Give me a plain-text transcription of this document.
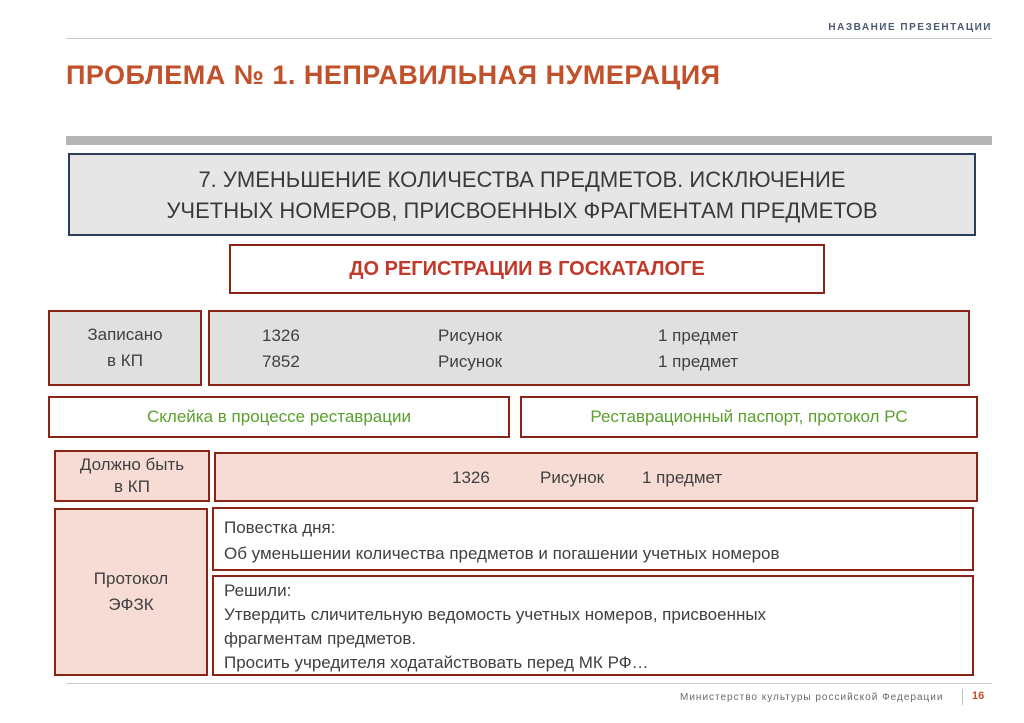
НАЗВАНИЕ ПРЕЗЕНТАЦИИ
ПРОБЛЕМА № 1. НЕПРАВИЛЬНАЯ НУМЕРАЦИЯ
7. УМЕНЬШЕНИЕ КОЛИЧЕСТВА ПРЕДМЕТОВ. ИСКЛЮЧЕНИЕ
УЧЕТНЫХ НОМЕРОВ, ПРИСВОЕННЫХ ФРАГМЕНТАМ ПРЕДМЕТОВ
ДО РЕГИСТРАЦИИ В ГОСКАТАЛОГЕ
Записано
в КП
1326	Рисунок	1 предмет
7852	Рисунок	1 предмет
Склейка в процессе реставрации	Реставрационный паспорт, протокол РС
Должно быть
в КП	1326	Рисунок 1 предмет
Протокол
ЭФЗК
Повестка дня:
Об уменьшении количества предметов и погашении учетных номеров
Решили:
Утвердить сличительную ведомость учетных номеров, присвоенных
фрагментам предметов.
Просить учредителя ходатайствовать перед МК РФ…
Министерство культуры российской Федерации	16
